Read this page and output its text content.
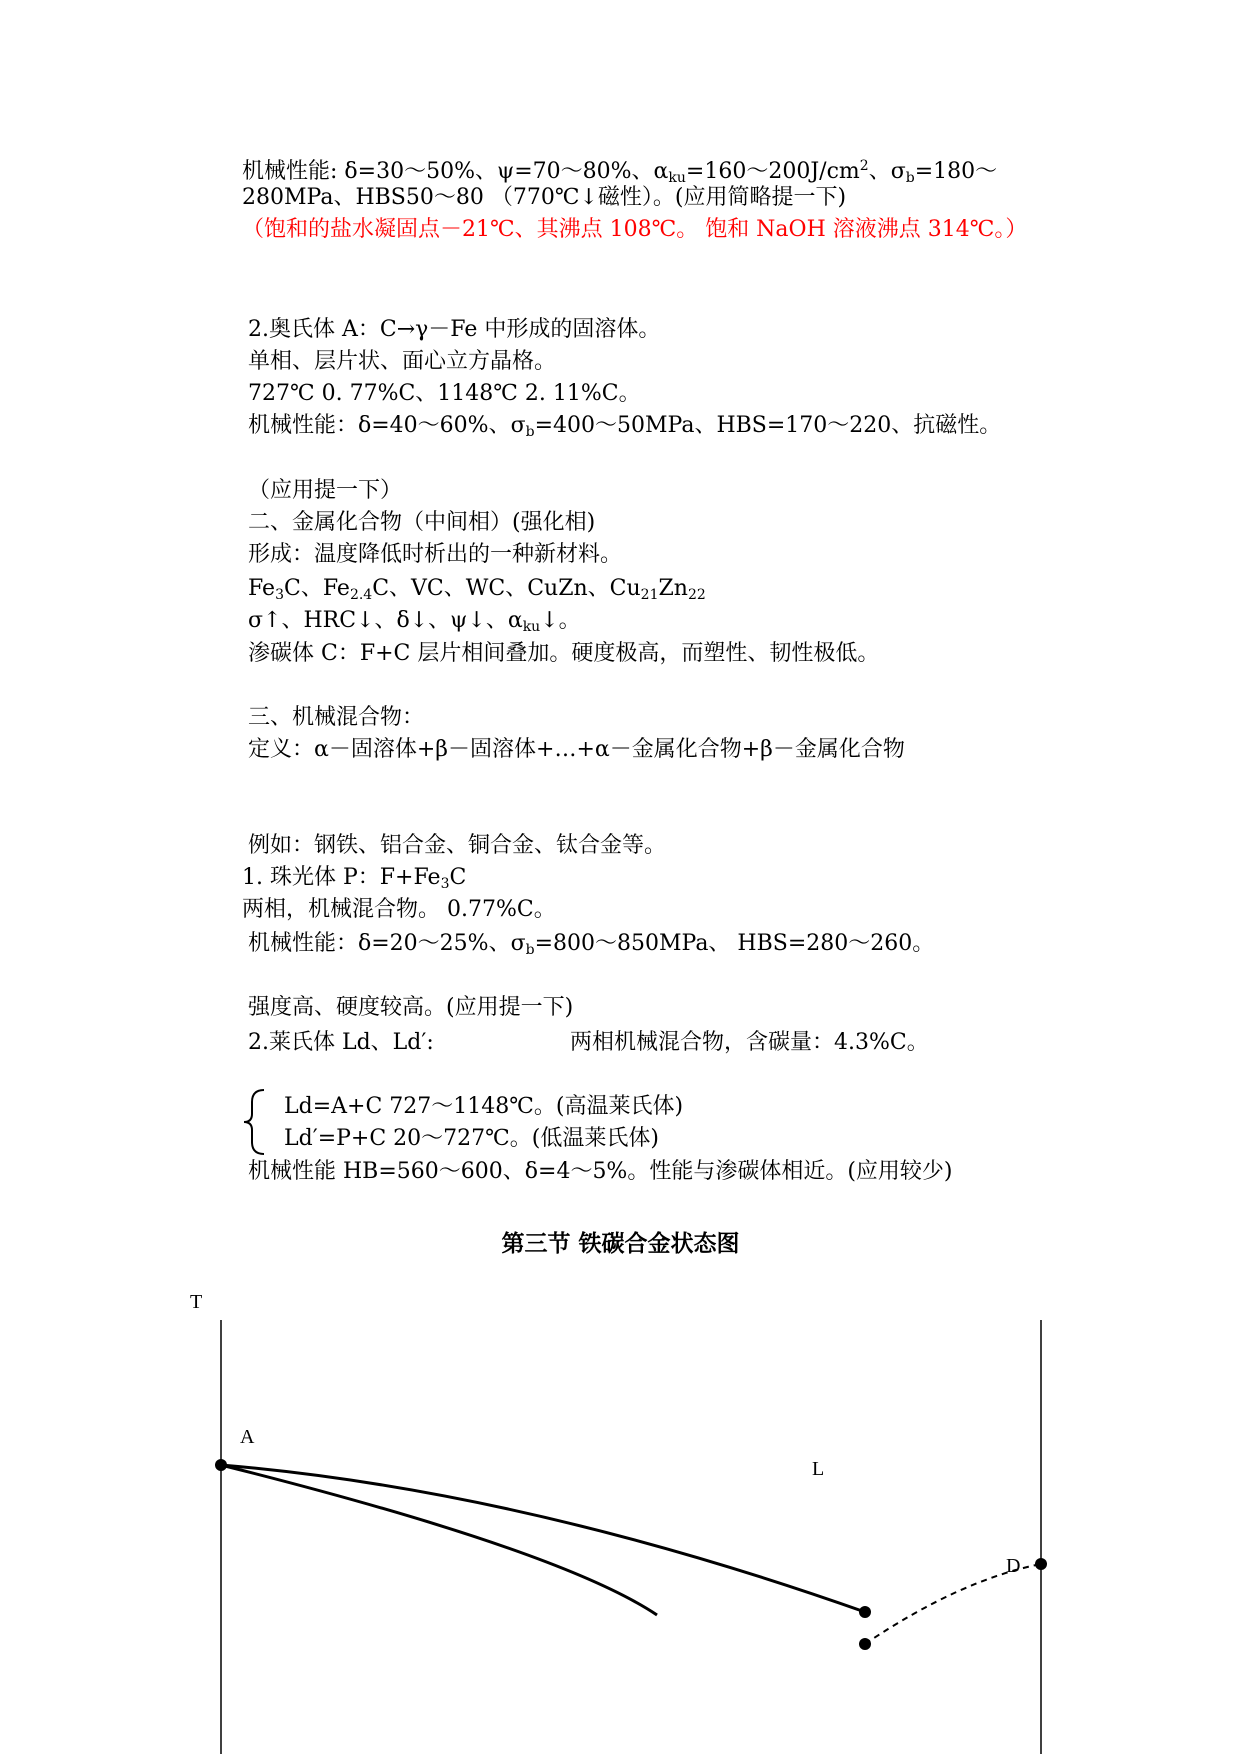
机械性能: δ=30～50%、ψ=70～80%、$\alpha_{ku}=160\sim 200J/cm^2$、$\sigma_b=180\sim$
280MPa、HBS50～80 （770℃↓磁性）。(应用简略提一下)
（饱和的盐水凝固点－21℃、其沸点 108℃。 饱和 NaOH 溶液沸点 314℃。）
2.奥氏体 A：C→γ－Fe 中形成的固溶体。
单相、层片状、面心立方晶格。
727℃ 0. 77%C、1148℃ 2. 11%C。
机械性能：δ=40～60%、$\sigma_b=400\sim 50MPa$、HBS=170～220、抗磁性。
（应用提一下）
二、金属化合物（中间相）(强化相)
形成：温度降低时析出的一种新材料。
$Fe_3C$、$Fe_{2.4}C$、VC、WC、CuZn、$Cu_{21}Zn_{22}$
σ↑、HRC↓、δ↓、ψ↓、$\alpha_{ku}↓$。
渗碳体 C：F+C 层片相间叠加。硬度极高，而塑性、韧性极低。
三、机械混合物：
定义：α－固溶体+β－固溶体+…+α－金属化合物+β－金属化合物
例如：钢铁、铝合金、铜合金、钛合金等。
1. 珠光体 P：$F+Fe_3C$
两相，机械混合物。 0.77%C。
机械性能：δ=20～25%、$\sigma_b=800\sim 850MPa$、 HBS=280～260。
强度高、硬度较高。(应用提一下)
2.莱氏体 Ld、Ld′:	两相机械混合物，含碳量：4.3%C。
Ld=A+C 727～1148℃。(高温莱氏体)
Ld′=P+C 20～727℃。(低温莱氏体)
机械性能 HB=560～600、δ=4～5%。性能与渗碳体相近。(应用较少)
第三节 铁碳合金状态图
T
A
L
D
